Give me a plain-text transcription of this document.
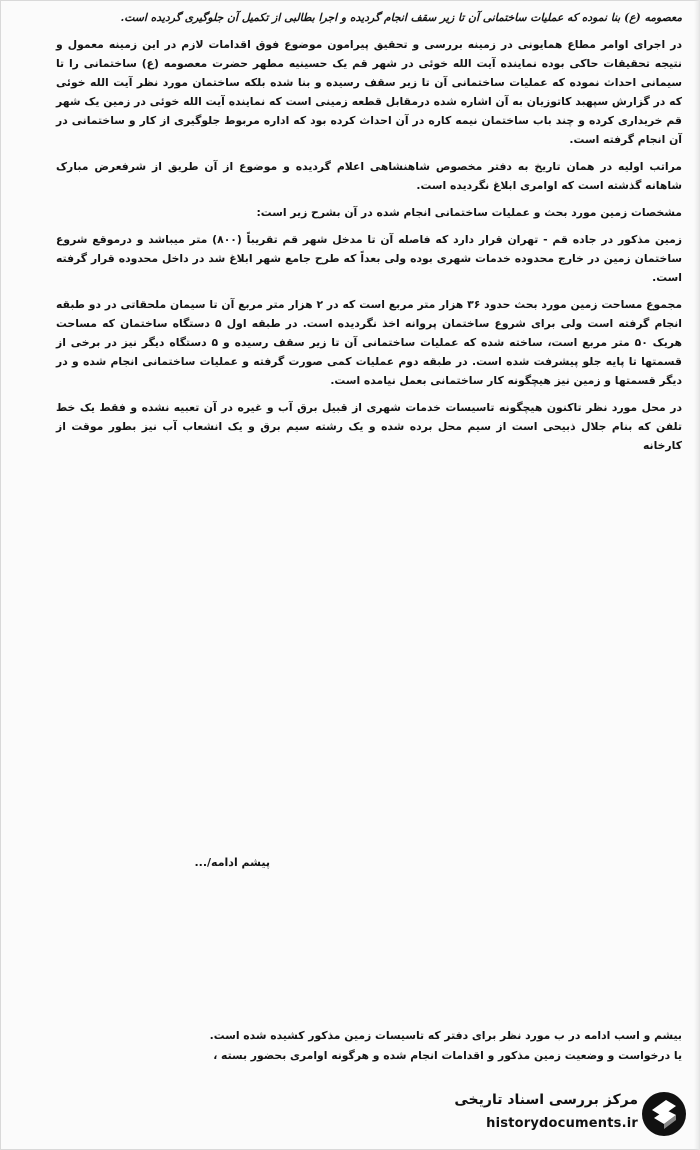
معصومه (ع) بنا نموده که عملیات ساختمانی آن تا زیر سقف انجام گردیده و اجرا بطالبی از تکمیل آن جلوگیری گردیده است.

در اجرای اوامر مطاع همایونی در زمینه بررسی و تحقیق پیرامون موضوع فوق اقدامات لازم در این زمینه معمول و نتیجه تحقیقات حاکی بوده نماینده آیت الله خوئی در شهر قم یک حسینیه مطهر حضرت معصومه (ع) ساختمانی را تا سیمانی احداث نموده که عملیات ساختمانی آن تا زیر سقف رسیده و بنا شده بلکه ساختمان مورد نظر آیت الله خوئی که در گزارش سپهبد کاتوزیان به آن اشاره شده درمقابل قطعه زمینی است که نماینده آیت الله خوئی در زمین یک شهر قم خریداری کرده و چند باب ساختمان نیمه کاره در آن احداث کرده بود که اداره مربوط جلوگیری از کار و ساختمانی در آن انجام گرفته است.

مراتب اولیه در همان تاریخ به دفتر مخصوص شاهنشاهی اعلام گردیده و موضوع از آن طریق از شرفعرض مبارک شاهانه گذشته است که اوامری ابلاغ نگردیده است.

مشخصات زمین مورد بحث و عملیات ساختمانی انجام شده در آن بشرح زیر است:

زمین مذکور در جاده قم - تهران قرار دارد که فاصله آن تا مدخل شهر قم تقریباً (۸۰۰) متر میباشد و درموقع شروع ساختمان زمین در خارج محدوده خدمات شهری بوده ولی بعداً که طرح جامع شهر ابلاغ شد در داخل محدوده قرار گرفته است.

مجموع مساحت زمین مورد بحث حدود ۳۶ هزار متر مربع است که در ۲ هزار متر مربع آن تا سیمان ملحقاتی در دو طبقه انجام گرفته است ولی برای شروع ساختمان پروانه اخذ نگردیده است. در طبقه اول ۵ دستگاه ساختمان که مساحت هریک ۵۰ متر مربع است، ساخته شده که عملیات ساختمانی آن تا زیر سقف رسیده و ۵ دستگاه دیگر نیز در برخی از قسمتها تا پایه جلو پیشرفت شده است. در طبقه دوم عملیات کمی صورت گرفته و عملیات ساختمانی انجام شده و در دیگر قسمتها و زمین نیز هیچگونه کار ساختمانی بعمل نیامده است.

در محل مورد نظر تاکنون هیچگونه تاسیسات خدمات شهری از قبیل برق آب و غیره در آن تعبیه نشده و فقط یک خط تلفن که بنام جلال ذبیحی است از سیم محل برده شده و یک رشته سیم برق و یک انشعاب آب نیز بطور موقت از کارخانه

پیشم ادامه/...
بیشم و اسب ادامه در ب مورد نظر برای دفتر که تاسیسات زمین مذکور کشیده شده است.
یا درخواست و وضعیت زمین مذکور و اقدامات انجام شده و هرگونه اوامری بحضور بسته ،
مرکز بررسی اسناد تاریخی
historydocuments.ir
